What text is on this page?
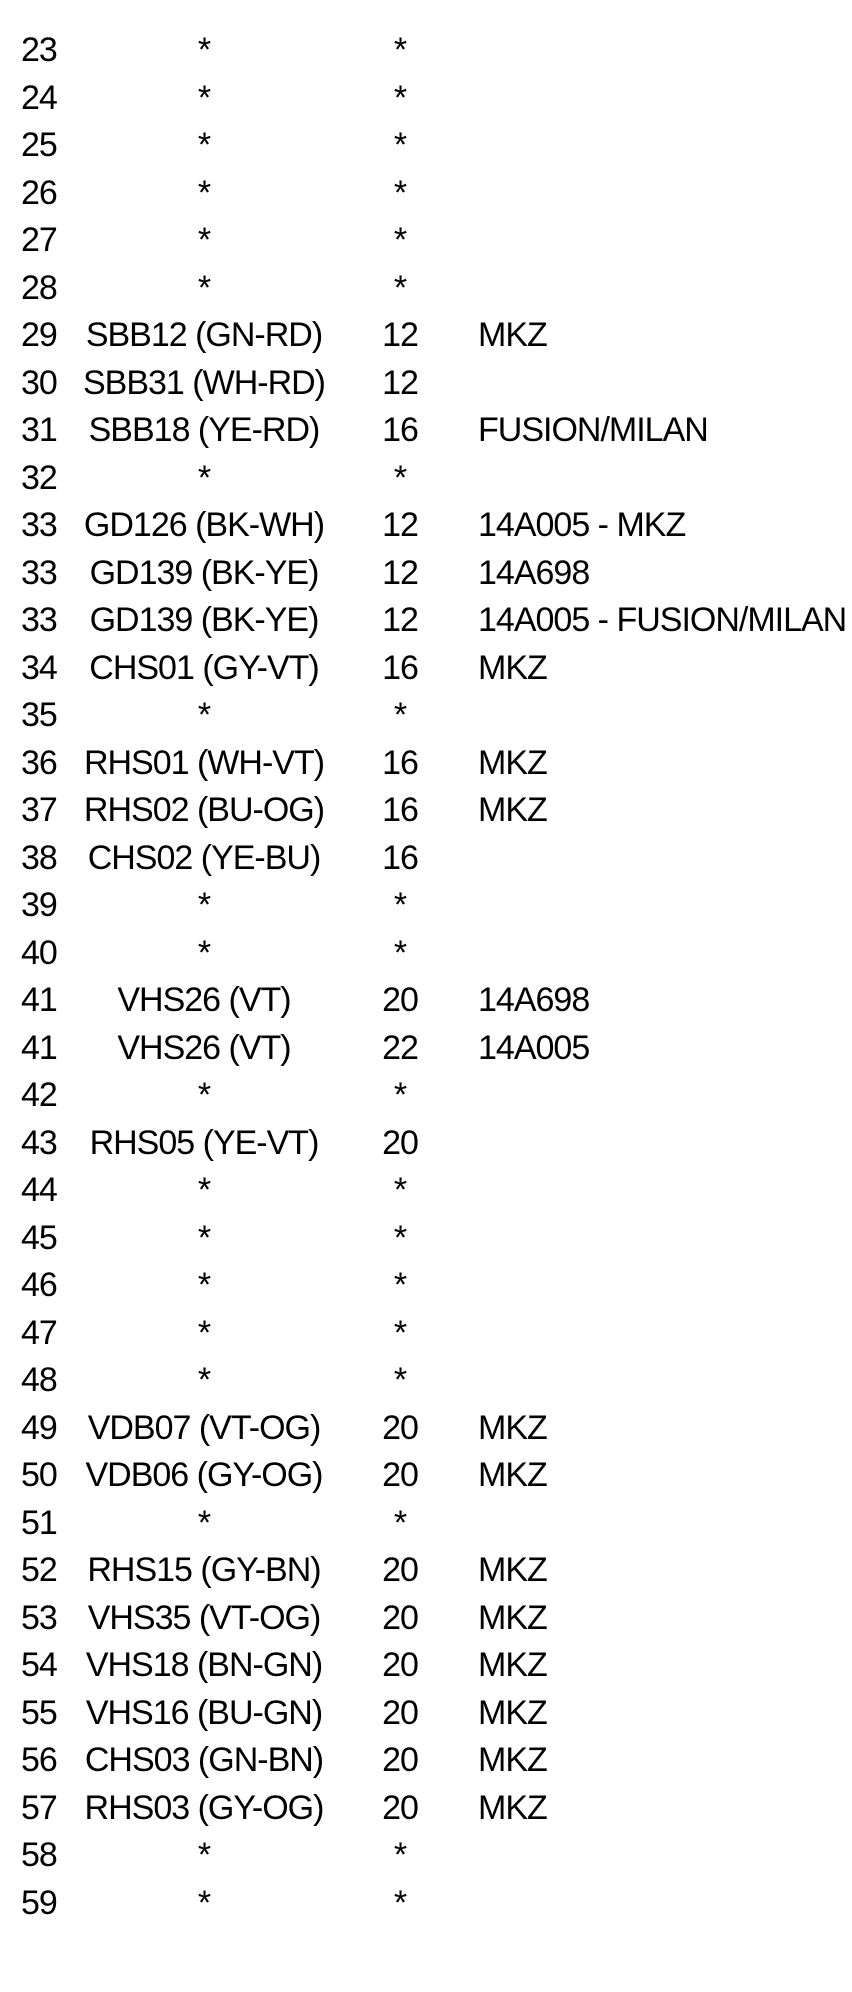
23	*	*
24	*	*
25	*	*
26	*	*
27	*	*
28	*	*
29 SBB12 (GN-RD)	12	MKZ
30 SBB31 (WH-RD)	12
31 SBB18 (YE-RD)	16	FUSION/MILAN
32	*	*
33 GD126 (BK-WH)	12	14A005 - MKZ
33 GD139 (BK-YE)	12	14A698
33 GD139 (BK-YE)	12	14A005 - FUSION/MILAN
34 CHS01 (GY-VT)	16	MKZ
35	*	*
36 RHS01 (WH-VT)	16	MKZ
37 RHS02 (BU-OG)	16	MKZ
38 CHS02 (YE-BU)	16
39	*	*
40	*	*
41	VHS26 (VT)	20	14A698
41	VHS26 (VT)	22	14A005
42	*	*
43 RHS05 (YE-VT)	20
44	*	*
45	*	*
46	*	*
47	*	*
48	*	*
49 VDB07 (VT-OG)	20	MKZ
50 VDB06 (GY-OG)	20	MKZ
51	*	*
52 RHS15 (GY-BN)	20	MKZ
53 VHS35 (VT-OG)	20	MKZ
54 VHS18 (BN-GN)	20	MKZ
55 VHS16 (BU-GN)	20	MKZ
56 CHS03 (GN-BN)	20	MKZ
57 RHS03 (GY-OG)	20	MKZ
58	*	*
59	*	*
